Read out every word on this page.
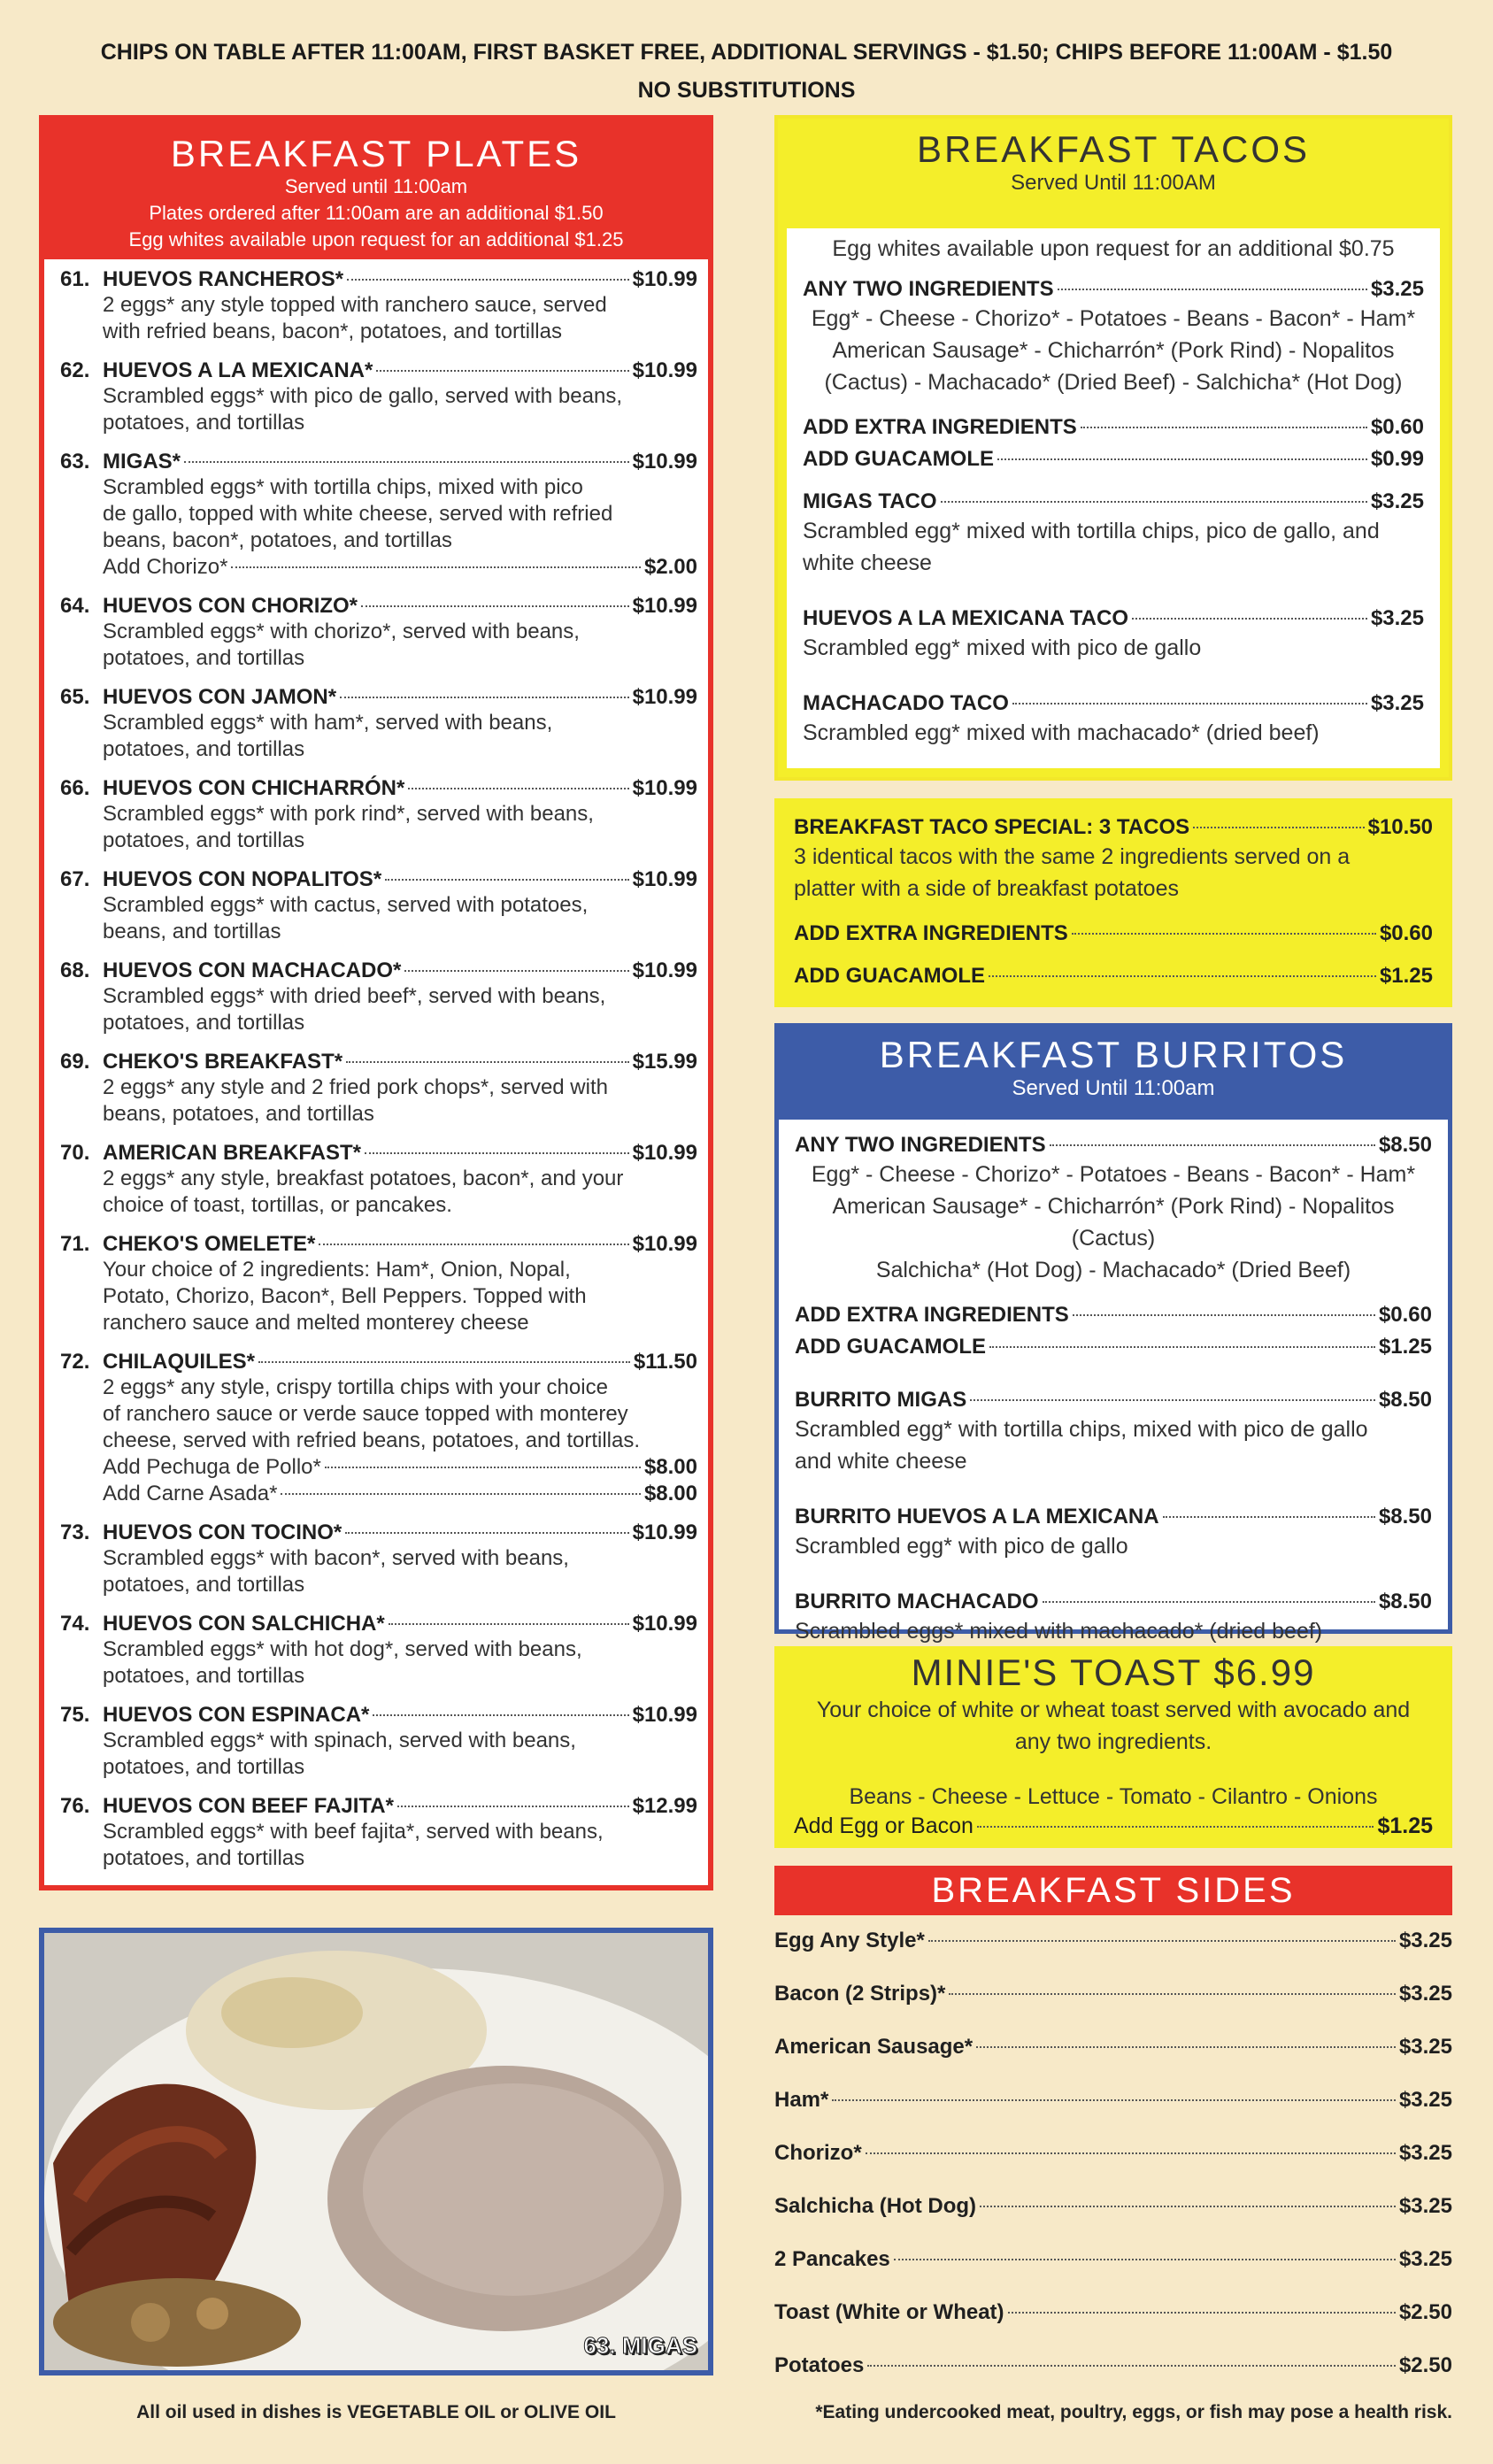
CHIPS ON TABLE AFTER 11:00AM, FIRST BASKET FREE, ADDITIONAL SERVINGS - $1.50; CHIPS BEFORE 11:00AM - $1.50
NO SUBSTITUTIONS
BREAKFAST PLATES
Served until 11:00am
Plates ordered after 11:00am are an additional $1.50
Egg whites available upon request for an additional $1.25
61. HUEVOS RANCHEROS*	$10.99
2 eggs* any style topped with ranchero sauce, served
with refried beans, bacon*, potatoes, and tortillas
62. HUEVOS A LA MEXICANA*	$10.99
Scrambled eggs* with pico de gallo, served with beans,
potatoes, and tortillas
63. MIGAS*	$10.99
Scrambled eggs* with tortilla chips, mixed with pico
de gallo, topped with white cheese, served with refried
beans, bacon*, potatoes, and tortillas
Add Chorizo*	$2.00
64. HUEVOS CON CHORIZO*	$10.99
Scrambled eggs* with chorizo*, served with beans,
potatoes, and tortillas
65. HUEVOS CON JAMON*	$10.99
Scrambled eggs* with ham*, served with beans,
potatoes, and tortillas
66. HUEVOS CON CHICHARRÓN*	$10.99
Scrambled eggs* with pork rind*, served with beans,
potatoes, and tortillas
67. HUEVOS CON NOPALITOS*	$10.99
Scrambled eggs* with cactus, served with potatoes,
beans, and tortillas
68. HUEVOS CON MACHACADO*	$10.99
Scrambled eggs* with dried beef*, served with beans,
potatoes, and tortillas
69. CHEKO'S BREAKFAST*	$15.99
2 eggs* any style and 2 fried pork chops*, served with
beans, potatoes, and tortillas
70. AMERICAN BREAKFAST*	$10.99
2 eggs* any style, breakfast potatoes, bacon*, and your
choice of toast, tortillas, or pancakes.
71. CHEKO'S OMELETE*	$10.99
Your choice of 2 ingredients: Ham*, Onion, Nopal,
Potato, Chorizo, Bacon*, Bell Peppers. Topped with
ranchero sauce and melted monterey cheese
72. CHILAQUILES*	$11.50
2 eggs* any style, crispy tortilla chips with your choice
of ranchero sauce or verde sauce topped with monterey
cheese, served with refried beans, potatoes, and tortillas.
Add Pechuga de Pollo*	$8.00
Add Carne Asada*	$8.00
73. HUEVOS CON TOCINO*	$10.99
Scrambled eggs* with bacon*, served with beans,
potatoes, and tortillas
74. HUEVOS CON SALCHICHA*	$10.99
Scrambled eggs* with hot dog*, served with beans,
potatoes, and tortillas
75. HUEVOS CON ESPINACA*	$10.99
Scrambled eggs* with spinach, served with beans,
potatoes, and tortillas
76. HUEVOS CON BEEF FAJITA*	$12.99
Scrambled eggs* with beef fajita*, served with beans,
potatoes, and tortillas
63. MIGAS
All oil used in dishes is VEGETABLE OIL or OLIVE OIL
BREAKFAST TACOS
Served Until 11:00AM
Egg whites available upon request for an additional $0.75
ANY TWO INGREDIENTS	$3.25
Egg* - Cheese - Chorizo* - Potatoes - Beans - Bacon* - Ham*
American Sausage* - Chicharrón* (Pork Rind) - Nopalitos
(Cactus) - Machacado* (Dried Beef) - Salchicha* (Hot Dog)
ADD EXTRA INGREDIENTS	$0.60
ADD GUACAMOLE	$0.99
MIGAS TACO	$3.25
Scrambled egg* mixed with tortilla chips, pico de gallo, and
white cheese
HUEVOS A LA MEXICANA TACO	$3.25
Scrambled egg* mixed with pico de gallo
MACHACADO TACO	$3.25
Scrambled egg* mixed with machacado* (dried beef)
BREAKFAST TACO SPECIAL: 3 TACOS	$10.50
3 identical tacos with the same 2 ingredients served on a
platter with a side of breakfast potatoes
ADD EXTRA INGREDIENTS	$0.60
ADD GUACAMOLE	$1.25
BREAKFAST BURRITOS
Served Until 11:00am
ANY TWO INGREDIENTS	$8.50
Egg* - Cheese - Chorizo* - Potatoes - Beans - Bacon* - Ham*
American Sausage* - Chicharrón* (Pork Rind) - Nopalitos (Cactus)
Salchicha* (Hot Dog) - Machacado* (Dried Beef)
ADD EXTRA INGREDIENTS	$0.60
ADD GUACAMOLE	$1.25
BURRITO MIGAS	$8.50
Scrambled egg* with tortilla chips, mixed with pico de gallo
and white cheese
BURRITO HUEVOS A LA MEXICANA	$8.50
Scrambled egg* with pico de gallo
BURRITO MACHACADO	$8.50
Scrambled eggs* mixed with machacado* (dried beef)
MINIE'S TOAST $6.99
Your choice of white or wheat toast served with avocado and
any two ingredients.
Beans - Cheese - Lettuce - Tomato - Cilantro - Onions
Add Egg or Bacon	$1.25
BREAKFAST SIDES
Egg Any Style*	$3.25
Bacon (2 Strips)*	$3.25
American Sausage*	$3.25
Ham*	$3.25
Chorizo*	$3.25
Salchicha (Hot Dog)	$3.25
2 Pancakes	$3.25
Toast (White or Wheat)	$2.50
Potatoes	$2.50
*Eating undercooked meat, poultry, eggs, or fish may pose a health risk.
